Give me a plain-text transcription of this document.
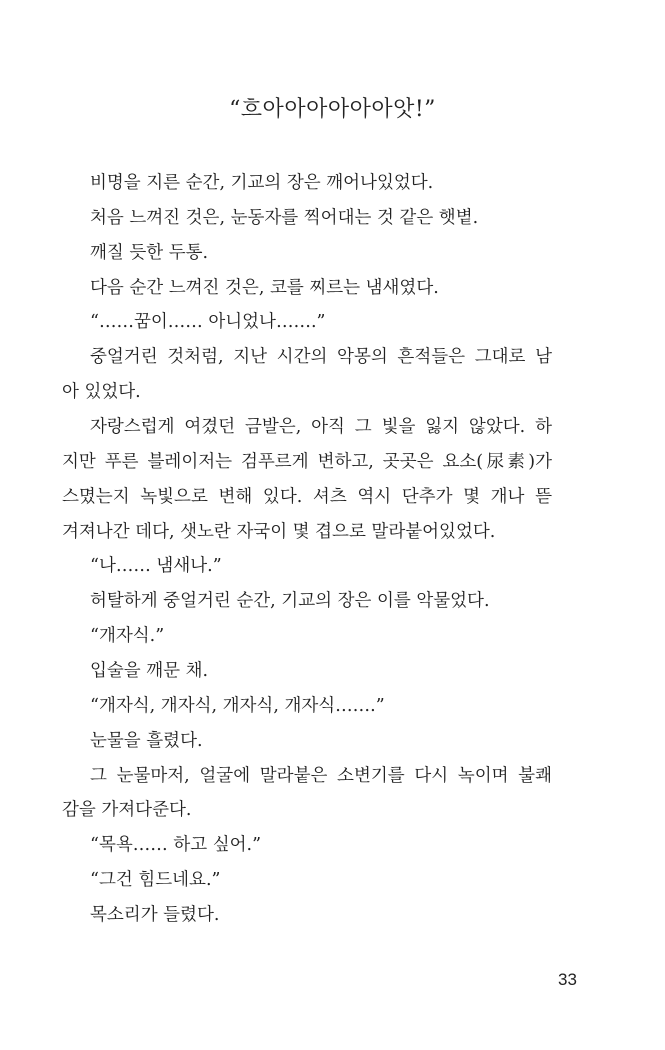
“흐아아아아아아앗!”
비명을 지른 순간, 기교의 장은 깨어나있었다.
처음 느껴진 것은, 눈동자를 찍어대는 것 같은 햇볕.
깨질 듯한 두통.
다음 순간 느껴진 것은, 코를 찌르는 냄새였다.
“……꿈이…… 아니었나…….”
중얼거린 것처럼, 지난 시간의 악몽의 흔적들은 그대로 남
아 있었다.
자랑스럽게 여겼던 금발은, 아직 그 빛을 잃지 않았다. 하
지만 푸른 블레이저는 검푸르게 변하고, 곳곳은 요소(尿素)가
스몄는지 녹빛으로 변해 있다. 셔츠 역시 단추가 몇 개나 뜯
겨져나간 데다, 샛노란 자국이 몇 겹으로 말라붙어있었다.
“나…… 냄새나.”
허탈하게 중얼거린 순간, 기교의 장은 이를 악물었다.
“개자식.”
입술을 깨문 채.
“개자식, 개자식, 개자식, 개자식…….”
눈물을 흘렸다.
그 눈물마저, 얼굴에 말라붙은 소변기를 다시 녹이며 불쾌
감을 가져다준다.
“목욕…… 하고 싶어.”
“그건 힘드네요.”
목소리가 들렸다.
33
